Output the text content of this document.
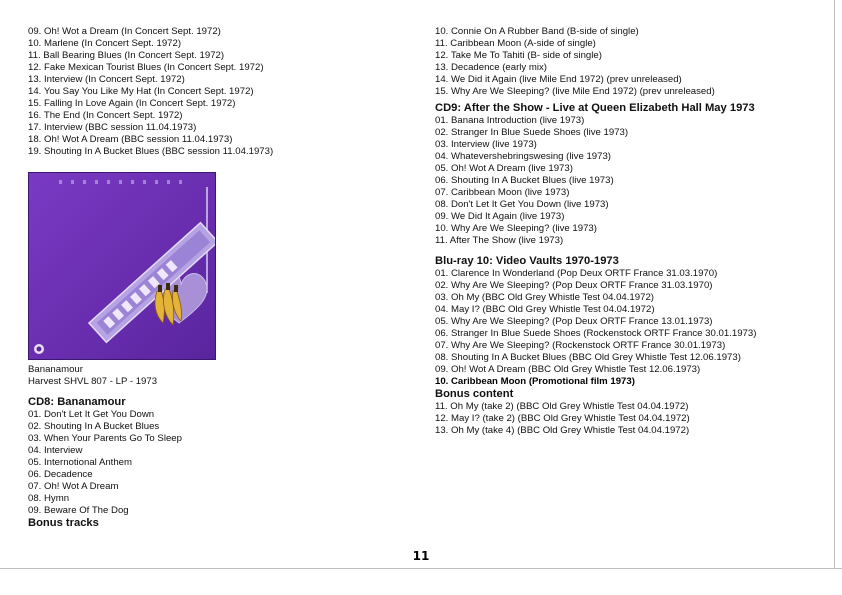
09. Oh! Wot a Dream (In Concert Sept. 1972)
10. Marlene (In Concert Sept. 1972)
11. Ball Bearing Blues (In Concert Sept. 1972)
12. Fake Mexican Tourist Blues (In Concert Sept. 1972)
13. Interview (In Concert Sept. 1972)
14. You Say You Like My Hat (In Concert Sept. 1972)
15. Falling In Love Again (In Concert Sept. 1972)
16. The End (In Concert Sept. 1972)
17. Interview (BBC session 11.04.1973)
18. Oh! Wot A Dream (BBC session 11.04.1973)
19. Shouting In A Bucket Blues (BBC session 11.04.1973)
Bananamour
Harvest SHVL 807 - LP - 1973
CD8: Bananamour
01. Don't Let It Get You Down
02. Shouting In A Bucket Blues
03. When Your Parents Go To Sleep
04. Interview
05. Internotional Anthem
06. Decadence
07. Oh! Wot A Dream
08. Hymn
09. Beware Of The Dog
Bonus tracks
10. Connie On A Rubber Band (B-side of single)
11. Caribbean Moon (A-side of single)
12. Take Me To Tahiti (B- side of single)
13. Decadence (early mix)
14. We Did it Again (live Mile End 1972) (prev unreleased)
15. Why Are We Sleeping? (live Mile End 1972) (prev unreleased)
CD9: After the Show - Live at Queen Elizabeth Hall May 1973
01. Banana Introduction (live 1973)
02. Stranger In Blue Suede Shoes (live 1973)
03. Interview (live 1973)
04. Whatevershebringswesing (live 1973)
05. Oh! Wot A Dream (live 1973)
06. Shouting In A Bucket Blues (live 1973)
07. Caribbean Moon (live 1973)
08. Don't Let It Get You Down (live 1973)
09. We Did It Again (live 1973)
10. Why Are We Sleeping? (live 1973)
11. After The Show (live 1973)
Blu-ray 10: Video Vaults 1970-1973
01. Clarence In Wonderland (Pop Deux ORTF France 31.03.1970)
02. Why Are We Sleeping? (Pop Deux ORTF France 31.03.1970)
03. Oh My (BBC Old Grey Whistle Test 04.04.1972)
04. May I? (BBC Old Grey Whistle Test 04.04.1972)
05. Why Are We Sleeping? (Pop Deux ORTF France 13.01.1973)
06. Stranger In Blue Suede Shoes (Rockenstock ORTF France 30.01.1973)
07. Why Are We Sleeping? (Rockenstock ORTF France 30.01.1973)
08. Shouting In A Bucket Blues (BBC Old Grey Whistle Test 12.06.1973)
09. Oh! Wot A Dream (BBC Old Grey Whistle Test 12.06.1973)
10. Caribbean Moon (Promotional film 1973)
Bonus content
11. Oh My (take 2) (BBC Old Grey Whistle Test 04.04.1972)
12. May I? (take 2) (BBC Old Grey Whistle Test 04.04.1972)
13. Oh My (take 4) (BBC Old Grey Whistle Test 04.04.1972)
11
